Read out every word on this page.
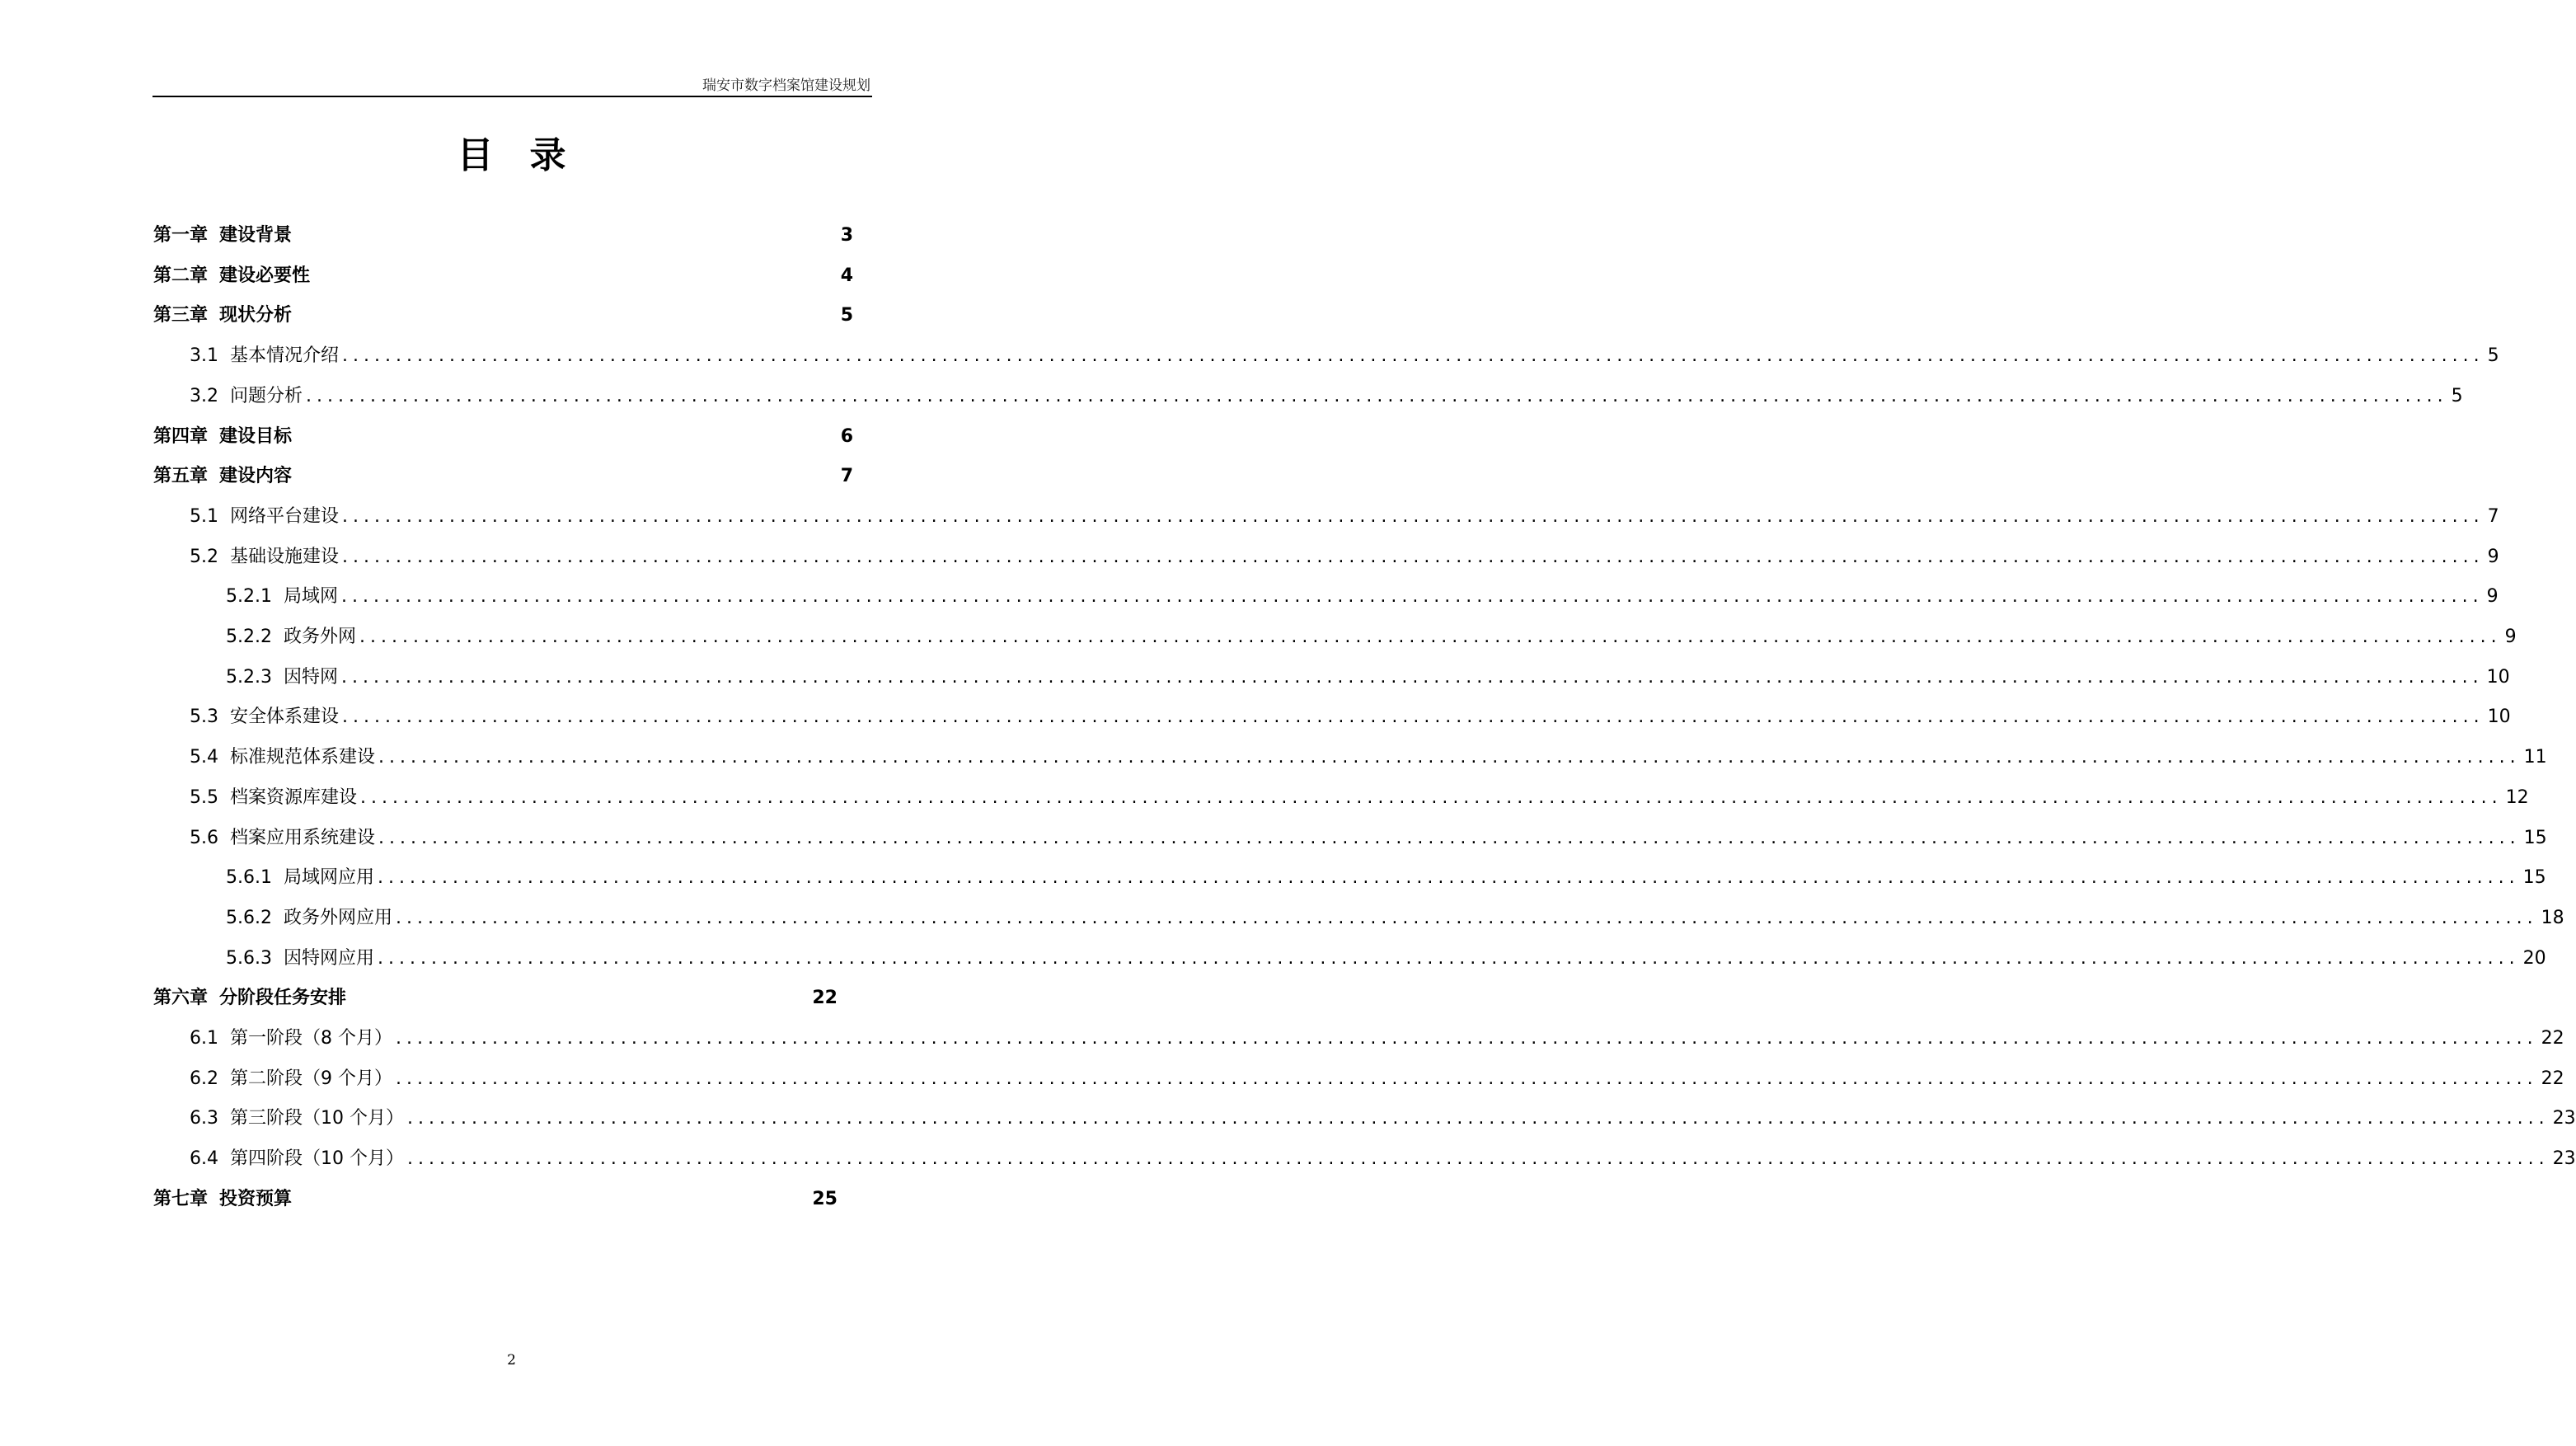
瑞安市数字档案馆建设规划
目录
第一章 建设背景	3
第二章 建设必要性	4
第三章 现状分析	5
3.1 基本情况介绍 ........................................................................................................................................................................................................ 5
3.2 问题分析 ........................................................................................................................................................................................................ 5
第四章 建设目标	6
第五章 建设内容	7
5.1 网络平台建设 ........................................................................................................................................................................................................ 7
5.2 基础设施建设 ........................................................................................................................................................................................................ 9
5.2.1 局域网 ........................................................................................................................................................................................................ 9
5.2.2 政务外网 ........................................................................................................................................................................................................ 9
5.2.3 因特网 ........................................................................................................................................................................................................ 10
5.3 安全体系建设 ........................................................................................................................................................................................................ 10
5.4 标准规范体系建设 ........................................................................................................................................................................................................ 11
5.5 档案资源库建设 ........................................................................................................................................................................................................ 12
5.6 档案应用系统建设 ........................................................................................................................................................................................................ 15
5.6.1 局域网应用 ........................................................................................................................................................................................................ 15
5.6.2 政务外网应用 ........................................................................................................................................................................................................ 18
5.6.3 因特网应用 ........................................................................................................................................................................................................ 20
第六章 分阶段任务安排	22
6.1 第一阶段（8 个月） ........................................................................................................................................................................................................ 22
6.2 第二阶段（9 个月） ........................................................................................................................................................................................................ 22
6.3 第三阶段（10 个月） ........................................................................................................................................................................................................ 23
6.4 第四阶段（10 个月） ........................................................................................................................................................................................................ 23
第七章 投资预算	25
2
